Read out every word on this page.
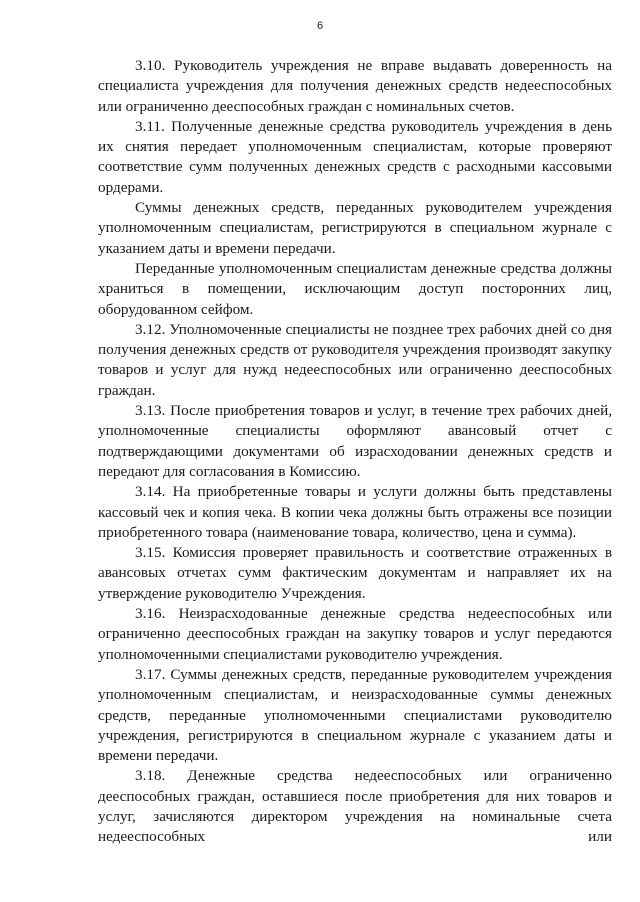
6

3.10. Руководитель учреждения не вправе выдавать доверенность на специалиста учреждения для получения денежных средств недееспособных или ограниченно дееспособных граждан с номинальных счетов.

3.11. Полученные денежные средства руководитель учреждения в день их снятия передает уполномоченным специалистам, которые проверяют соответствие сумм полученных денежных средств с расходными кассовыми ордерами.

Суммы денежных средств, переданных руководителем учреждения уполномоченным специалистам, регистрируются в специальном журнале с указанием даты и времени передачи.

Переданные уполномоченным специалистам денежные средства должны храниться в помещении, исключающим доступ посторонних лиц, оборудованном сейфом.

3.12. Уполномоченные специалисты не позднее трех рабочих дней со дня получения денежных средств от руководителя учреждения производят закупку товаров и услуг для нужд недееспособных или ограниченно дееспособных граждан.

3.13. После приобретения товаров и услуг, в течение трех рабочих дней, уполномоченные специалисты оформляют авансовый отчет с подтверждающими документами об израсходовании денежных средств и передают для согласования в Комиссию.

3.14. На приобретенные товары и услуги должны быть представлены кассовый чек и копия чека. В копии чека должны быть отражены все позиции приобретенного товара (наименование товара, количество, цена и сумма).

3.15. Комиссия проверяет правильность и соответствие отраженных в авансовых отчетах сумм фактическим документам и направляет их на утверждение руководителю Учреждения.

3.16. Неизрасходованные денежные средства недееспособных или ограниченно дееспособных граждан на закупку товаров и услуг передаются уполномоченными специалистами руководителю учреждения.

3.17. Суммы денежных средств, переданные руководителем учреждения уполномоченным специалистам, и неизрасходованные суммы денежных средств, переданные уполномоченными специалистами руководителю учреждения, регистрируются в специальном журнале с указанием даты и времени передачи.

3.18. Денежные средства недееспособных или ограниченно дееспособных граждан, оставшиеся после приобретения для них товаров и услуг, зачисляются директором учреждения на номинальные счета недееспособных или
